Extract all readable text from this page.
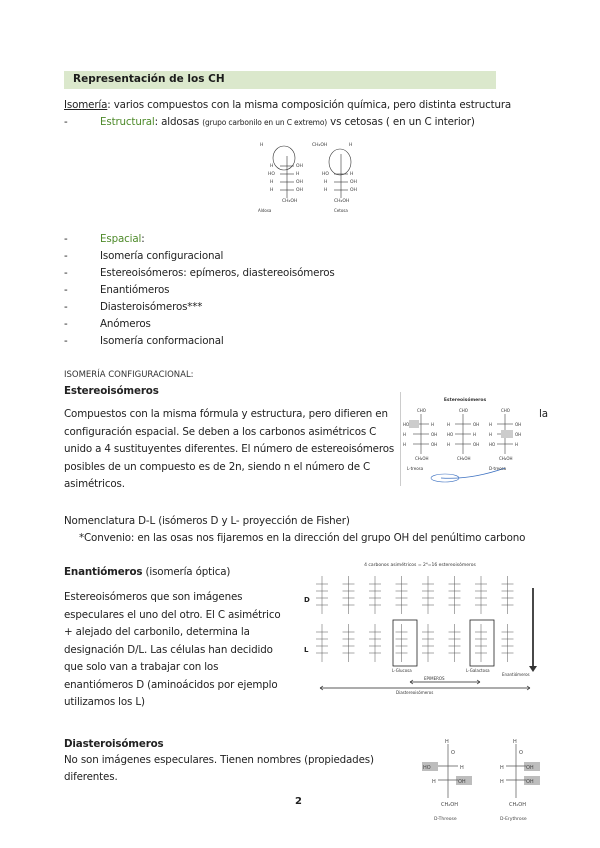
Representación de los CH
Isomería: varios compuestos con la misma composición química, pero distinta estructura
-	Estructural: aldosas (grupo carbonilo en un C extremo) vs cetosas ( en un C interior)
H	CH₂OH	H
H	OH
HO	H
H	OH
H	OH
CH₂OH	CH₂OH
HO	H
H	OH
H	OH
Aldosa	Cetosa
-	Espacial:
-	Isomería configuracional
-	Estereoisómeros: epímeros, diastereoisómeros
-	Enantiómeros
-	Diasteroisómeros***
-	Anómeros
-	Isomería conformacional
ISOMERÍA CONFIGURACIONAL:
Estereoisómeros
Compuestos con la misma fórmula y estructura, pero difieren en
configuración espacial. Se deben a los carbonos asimétricos C
unido a 4 sustituyentes diferentes. El número de estereoisómeros
posibles de un compuesto es de 2n, siendo n el número de C
asimétricos.
la
Estereoisómeros
CHO	CHO	CHO
HO	H	H	OH H	OH
H	OH HO	H	H	OH
H	OH H	OH HO	H
CH₂OH	CH₂OH	CH₂OH
L-treosa	D-treosa
Nomenclatura D-L (isómeros D y L- proyección de Fisher)
*Convenio: en las osas nos fijaremos en la dirección del grupo OH del penúltimo carbono
Enantiómeros (isomería óptica)
Estereoisómeros que son imágenes
especulares el uno del otro. El C asimétrico
+ alejado del carbonilo, determina la
designación D/L. Las células han decidido
que solo van a trabajar con los
enantiómeros D (aminoácidos por ejemplo
utilizamos los L)
4 carbonos asimétricos = 2⁴=16 estereoisómeros
D
L
L-Glucosa	L-Galactosa
EPIMEROS
Enantiómeros
Diastereoisómeros
Diasteroisómeros
No son imágenes especulares. Tienen nombres (propiedades)
diferentes.
H	H
O	O
HO	H
H	OH
H	OH
H	OH
CH₂OH	CH₂OH
D-Threose	D-Erythrose
2
